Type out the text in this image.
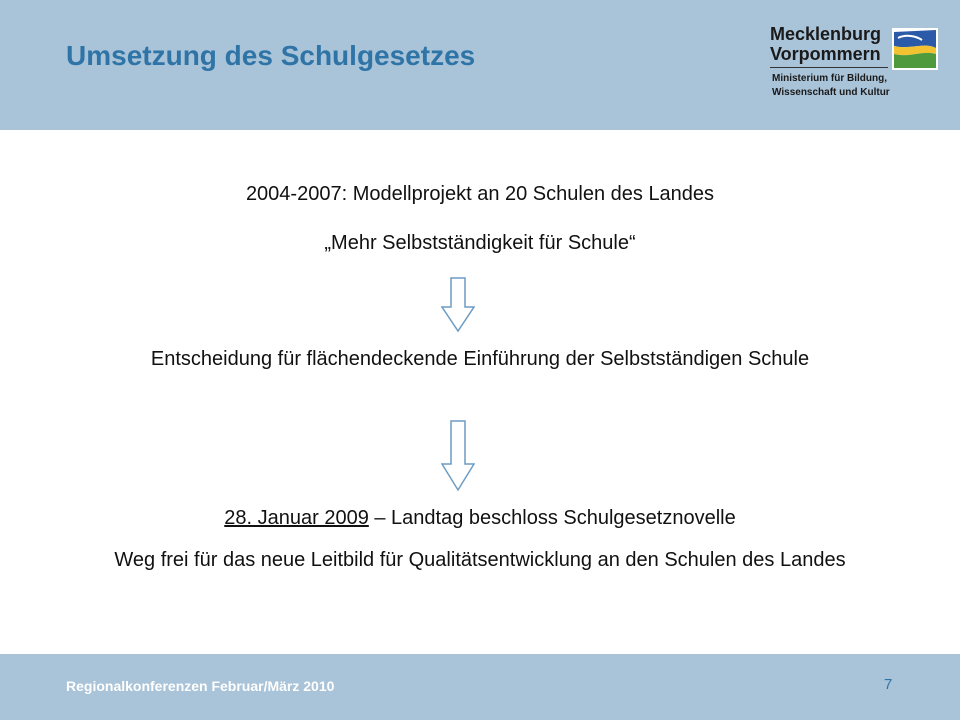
Umsetzung des Schulgesetzes
Mecklenburg
Vorpommern
Ministerium für Bildung,
Wissenschaft und Kultur
2004-2007: Modellprojekt an 20 Schulen des Landes
„Mehr Selbstständigkeit für Schule“
Entscheidung für flächendeckende Einführung der Selbstständigen Schule
28. Januar 2009 – Landtag beschloss Schulgesetznovelle
Weg frei für das neue Leitbild für Qualitätsentwicklung an den Schulen des Landes
Regionalkonferenzen Februar/März 2010	7
